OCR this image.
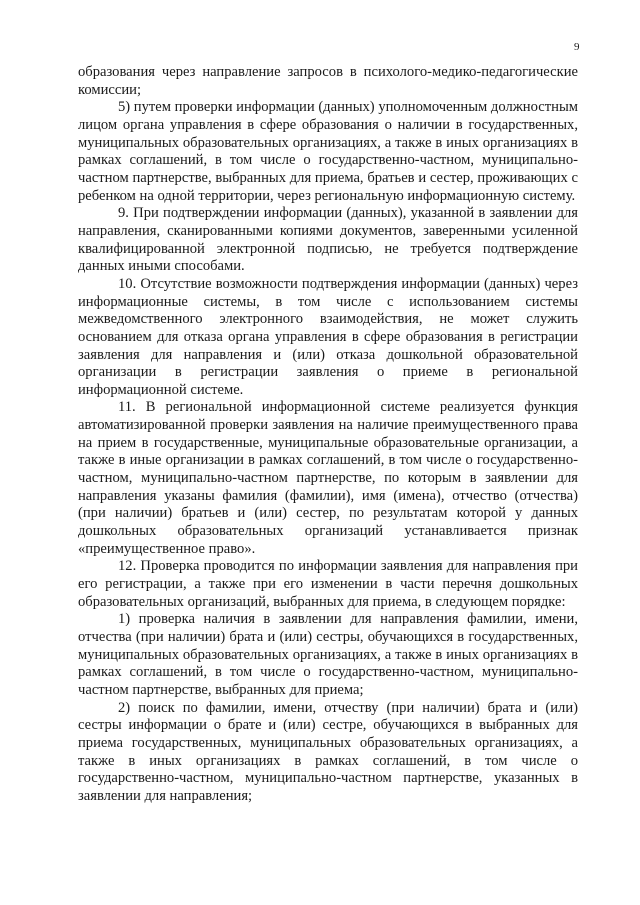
9

образования через направление запросов в психолого-медико-педагогические комиссии;

5) путем проверки информации (данных) уполномоченным должностным лицом органа управления в сфере образования о наличии в государственных, муниципальных образовательных организациях, а также в иных организациях в рамках соглашений, в том числе о государственно-частном, муниципально-частном партнерстве, выбранных для приема, братьев и сестер, проживающих с ребенком на одной территории, через региональную информационную систему.

9. При подтверждении информации (данных), указанной в заявлении для направления, сканированными копиями документов, заверенными усиленной квалифицированной электронной подписью, не требуется подтверждение данных иными способами.

10. Отсутствие возможности подтверждения информации (данных) через информационные системы, в том числе с использованием системы межведомственного электронного взаимодействия, не может служить основанием для отказа органа управления в сфере образования в регистрации заявления для направления и (или) отказа дошкольной образовательной организации в регистрации заявления о приеме в региональной информационной системе.

11. В региональной информационной системе реализуется функция автоматизированной проверки заявления на наличие преимущественного права на прием в государственные, муниципальные образовательные организации, а также в иные организации в рамках соглашений, в том числе о государственно-частном, муниципально-частном партнерстве, по которым в заявлении для направления указаны фамилия (фамилии), имя (имена), отчество (отчества) (при наличии) братьев и (или) сестер, по результатам которой у данных дошкольных образовательных организаций устанавливается признак «преимущественное право».

12. Проверка проводится по информации заявления для направления при его регистрации, а также при его изменении в части перечня дошкольных образовательных организаций, выбранных для приема, в следующем порядке:

1) проверка наличия в заявлении для направления фамилии, имени, отчества (при наличии) брата и (или) сестры, обучающихся в государственных, муниципальных образовательных организациях, а также в иных организациях в рамках соглашений, в том числе о государственно-частном, муниципально-частном партнерстве, выбранных для приема;

2) поиск по фамилии, имени, отчеству (при наличии) брата и (или) сестры информации о брате и (или) сестре, обучающихся в выбранных для приема государственных, муниципальных образовательных организациях, а также в иных организациях в рамках соглашений, в том числе о государственно-частном, муниципально-частном партнерстве, указанных в заявлении для направления;
